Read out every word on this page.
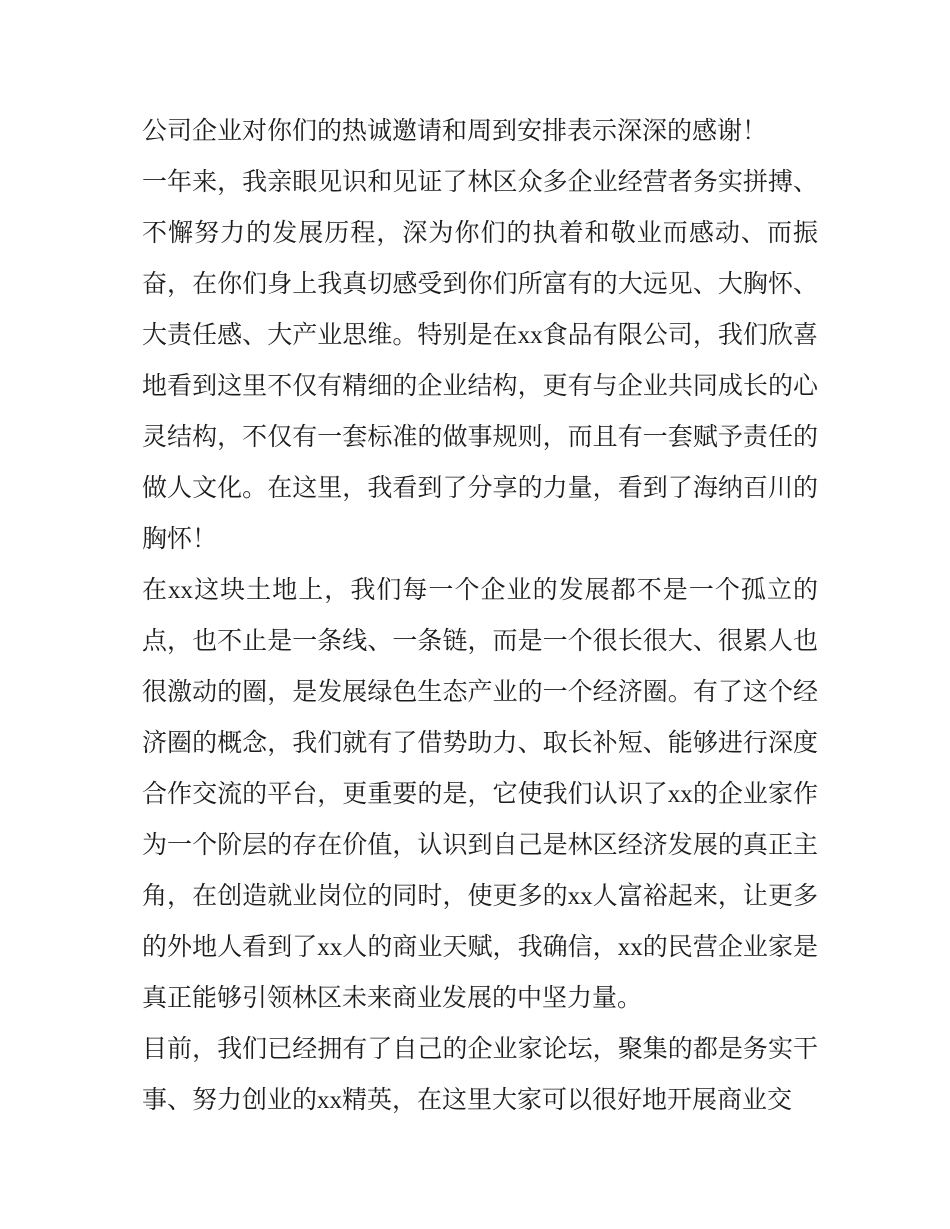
公司企业对你们的热诚邀请和周到安排表示深深的感谢！

一年来，我亲眼见识和见证了林区众多企业经营者务实拼搏、不懈努力的发展历程，深为你们的执着和敬业而感动、而振奋，在你们身上我真切感受到你们所富有的大远见、大胸怀、大责任感、大产业思维。特别是在xx食品有限公司，我们欣喜地看到这里不仅有精细的企业结构，更有与企业共同成长的心灵结构，不仅有一套标准的做事规则，而且有一套赋予责任的做人文化。在这里，我看到了分享的力量，看到了海纳百川的胸怀！

在xx这块土地上，我们每一个企业的发展都不是一个孤立的点，也不止是一条线、一条链，而是一个很长很大、很累人也很激动的圈，是发展绿色生态产业的一个经济圈。有了这个经济圈的概念，我们就有了借势助力、取长补短、能够进行深度合作交流的平台，更重要的是，它使我们认识了xx的企业家作为一个阶层的存在价值，认识到自己是林区经济发展的真正主角，在创造就业岗位的同时，使更多的xx人富裕起来，让更多的外地人看到了xx人的商业天赋，我确信，xx的民营企业家是真正能够引领林区未来商业发展的中坚力量。

目前，我们已经拥有了自己的企业家论坛，聚集的都是务实干事、努力创业的xx精英，在这里大家可以很好地开展商业交
